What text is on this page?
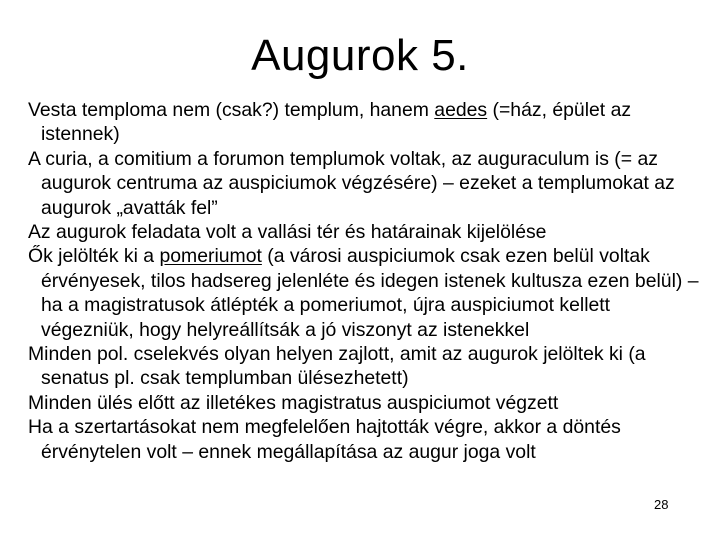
Augurok 5.

Vesta temploma nem (csak?) templum, hanem aedes (=ház, épület az istennek)

A curia, a comitium a forumon templumok voltak, az auguraculum is (= az augurok centruma az auspiciumok végzésére) – ezeket a templumokat az augurok „avatták fel”

Az augurok feladata volt a vallási tér és határainak kijelölése

Ők jelölték ki a pomeriumot (a városi auspiciumok csak ezen belül voltak érvényesek, tilos hadsereg jelenléte és idegen istenek kultusza ezen belül) – ha a magistratusok átlépték a pomeriumot, újra auspiciumot kellett végezniük, hogy helyreállítsák a jó viszonyt az istenekkel

Minden pol. cselekvés olyan helyen zajlott, amit az augurok jelöltek ki (a senatus pl. csak templumban ülésezhetett)

Minden ülés előtt az illetékes magistratus auspiciumot végzett

Ha a szertartásokat nem megfelelően hajtották végre, akkor a döntés érvénytelen volt – ennek megállapítása az augur joga volt

28
